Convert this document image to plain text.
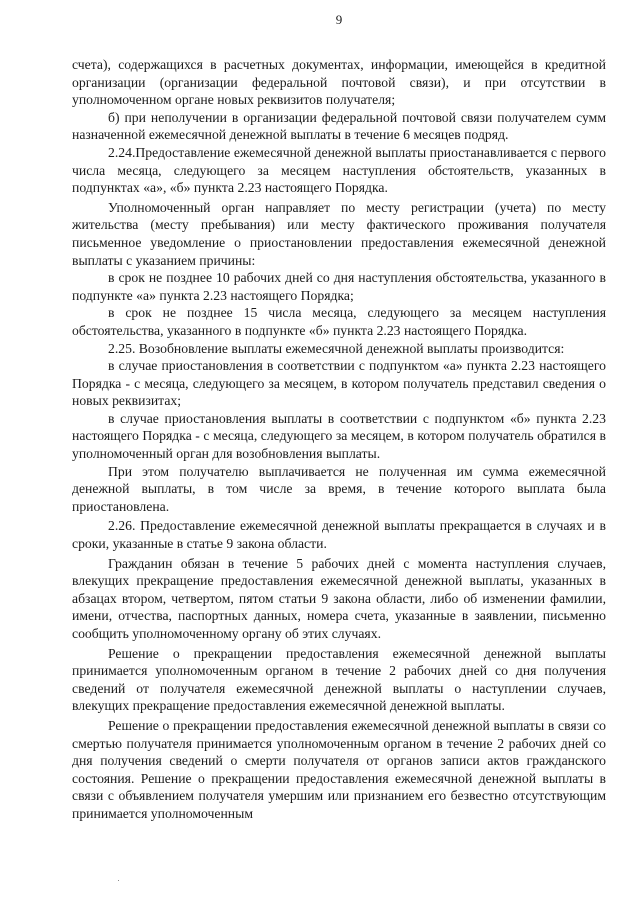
9

счета), содержащихся в расчетных документах, информации, имеющейся в кредитной организации (организации федеральной почтовой связи), и при отсутствии в уполномоченном органе новых реквизитов получателя;

б) при неполучении в организации федеральной почтовой связи получателем сумм назначенной ежемесячной денежной выплаты в течение 6 месяцев подряд.

2.24.Предоставление ежемесячной денежной выплаты приостанавливается с первого числа месяца, следующего за месяцем наступления обстоятельств, указанных в подпунктах «а», «б» пункта 2.23 настоящего Порядка.

Уполномоченный орган направляет по месту регистрации (учета) по месту жительства (месту пребывания) или месту фактического проживания получателя письменное уведомление о приостановлении предоставления ежемесячной денежной выплаты с указанием причины:

в срок не позднее 10 рабочих дней со дня наступления обстоятельства, указанного в подпункте «а» пункта 2.23 настоящего Порядка;

в срок не позднее 15 числа месяца, следующего за месяцем наступления обстоятельства, указанного в подпункте «б» пункта 2.23 настоящего Порядка.

2.25. Возобновление выплаты ежемесячной денежной выплаты производится:

в случае приостановления в соответствии с подпунктом «а» пункта 2.23 настоящего Порядка - с месяца, следующего за месяцем, в котором получатель представил сведения о новых реквизитах;

в случае приостановления выплаты в соответствии с подпунктом «б» пункта 2.23 настоящего Порядка - с месяца, следующего за месяцем, в котором получатель обратился в уполномоченный орган для возобновления выплаты.

При этом получателю выплачивается не полученная им сумма ежемесячной денежной выплаты, в том числе за время, в течение которого выплата была приостановлена.

2.26. Предоставление ежемесячной денежной выплаты прекращается в случаях и в сроки, указанные в статье 9 закона области.

Гражданин обязан в течение 5 рабочих дней с момента наступления случаев, влекущих прекращение предоставления ежемесячной денежной выплаты, указанных в абзацах втором, четвертом, пятом статьи 9 закона области, либо об изменении фамилии, имени, отчества, паспортных данных, номера счета, указанные в заявлении, письменно сообщить уполномоченному органу об этих случаях.

Решение о прекращении предоставления ежемесячной денежной выплаты принимается уполномоченным органом в течение 2 рабочих дней со дня получения сведений от получателя ежемесячной денежной выплаты о наступлении случаев, влекущих прекращение предоставления ежемесячной денежной выплаты.

Решение о прекращении предоставления ежемесячной денежной выплаты в связи со смертью получателя принимается уполномоченным органом в течение 2 рабочих дней со дня получения сведений о смерти получателя от органов записи актов гражданского состояния. Решение о прекращении предоставления ежемесячной денежной выплаты в связи с объявлением получателя умершим или признанием его безвестно отсутствующим принимается уполномоченным
